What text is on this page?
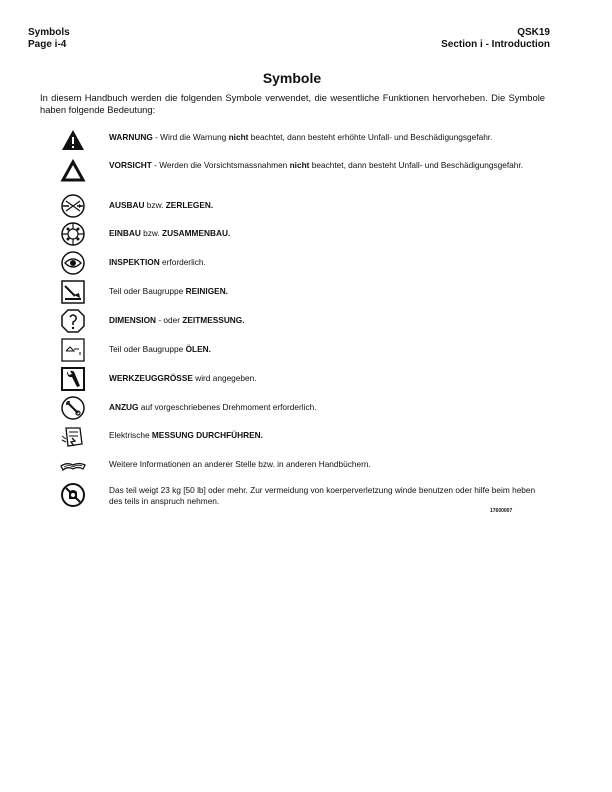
Symbols
Page i-4
QSK19
Section i - Introduction
Symbole
In diesem Handbuch werden die folgenden Symbole verwendet, die wesentliche Funktionen hervorheben. Die Symbole haben folgende Bedeutung:
WARNUNG - Wird die Warnung nicht beachtet, dann besteht erhöhte Unfall- und Beschädigungsgefahr.
VORSICHT - Werden die Vorsichtsmassnahmen nicht beachtet, dann besteht Unfall- und Beschädigungsgefahr.
AUSBAU bzw. ZERLEGEN.
EINBAU bzw. ZUSAMMENBAU.
INSPEKTION erforderlich.
Teil oder Baugruppe REINIGEN.
DIMENSION - oder ZEITMESSUNG.
Teil oder Baugruppe ÖLEN.
WERKZEUGGRÖSSE wird angegeben.
ANZUG auf vorgeschriebenes Drehmoment erforderlich.
Elektrische MESSUNG DURCHFÜHREN.
Weitere Informationen an anderer Stelle bzw. in anderen Handbüchern.
Das teil weigt 23 kg [50 lb] oder mehr. Zur vermeidung von koerperverletzung winde benutzen oder hilfe beim heben des teils in anspruch nehmen.
17600007
